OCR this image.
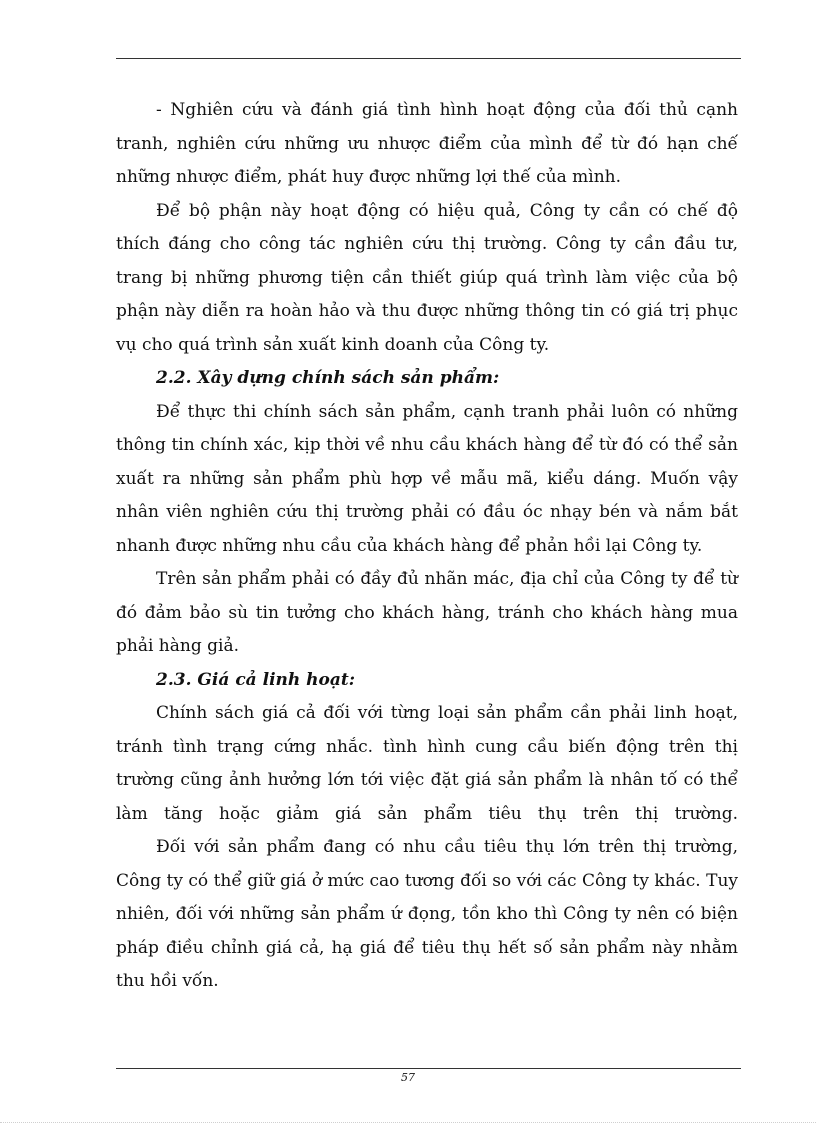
- Nghiên cứu và đánh giá tình hình hoạt động của đối thủ cạnh tranh, nghiên cứu những ưu nhược điểm của mình để từ đó hạn chế những nhược điểm, phát huy được những lợi thế của mình.

Để bộ phận này hoạt động có hiệu quả, Công ty cần có chế độ thích đáng cho công tác nghiên cứu thị trường. Công ty cần đầu tư, trang bị những phương tiện cần thiết giúp quá trình làm việc của bộ phận này diễn ra hoàn hảo và thu được những thông tin có giá trị phục vụ cho quá trình sản xuất kinh doanh của Công ty.

2.2. Xây dựng chính sách sản phẩm:

Để thực thi chính sách sản phẩm, cạnh tranh phải luôn có những thông tin chính xác, kịp thời về nhu cầu khách hàng để từ đó có thể sản xuất ra những sản phẩm phù hợp về mẫu mã, kiểu dáng. Muốn vậy nhân viên nghiên cứu thị trường phải có đầu óc nhạy bén và nắm bắt nhanh được những nhu cầu của khách hàng để phản hồi lại Công ty.

Trên sản phẩm phải có đầy đủ nhãn mác, địa chỉ của Công ty để từ đó đảm bảo sù tin tưởng cho khách hàng, tránh cho khách hàng mua phải hàng giả.

2.3. Giá cả linh hoạt:

Chính sách giá cả đối với từng loại sản phẩm cần phải linh hoạt, tránh tình trạng cứng nhắc. tình hình cung cầu biến động trên thị trường cũng ảnh hưởng lớn tới việc đặt giá sản phẩm là nhân tố có thể làm tăng hoặc giảm giá sản phẩm tiêu thụ trên thị trường.

Đối với sản phẩm đang có nhu cầu tiêu thụ lớn trên thị trường, Công ty có thể giữ giá ở mức cao tương đối so với các Công ty khác. Tuy nhiên, đối với những sản phẩm ứ đọng, tồn kho thì Công ty nên có biện pháp điều chỉnh giá cả, hạ giá để tiêu thụ hết số sản phẩm này nhằm thu hồi vốn.

57
